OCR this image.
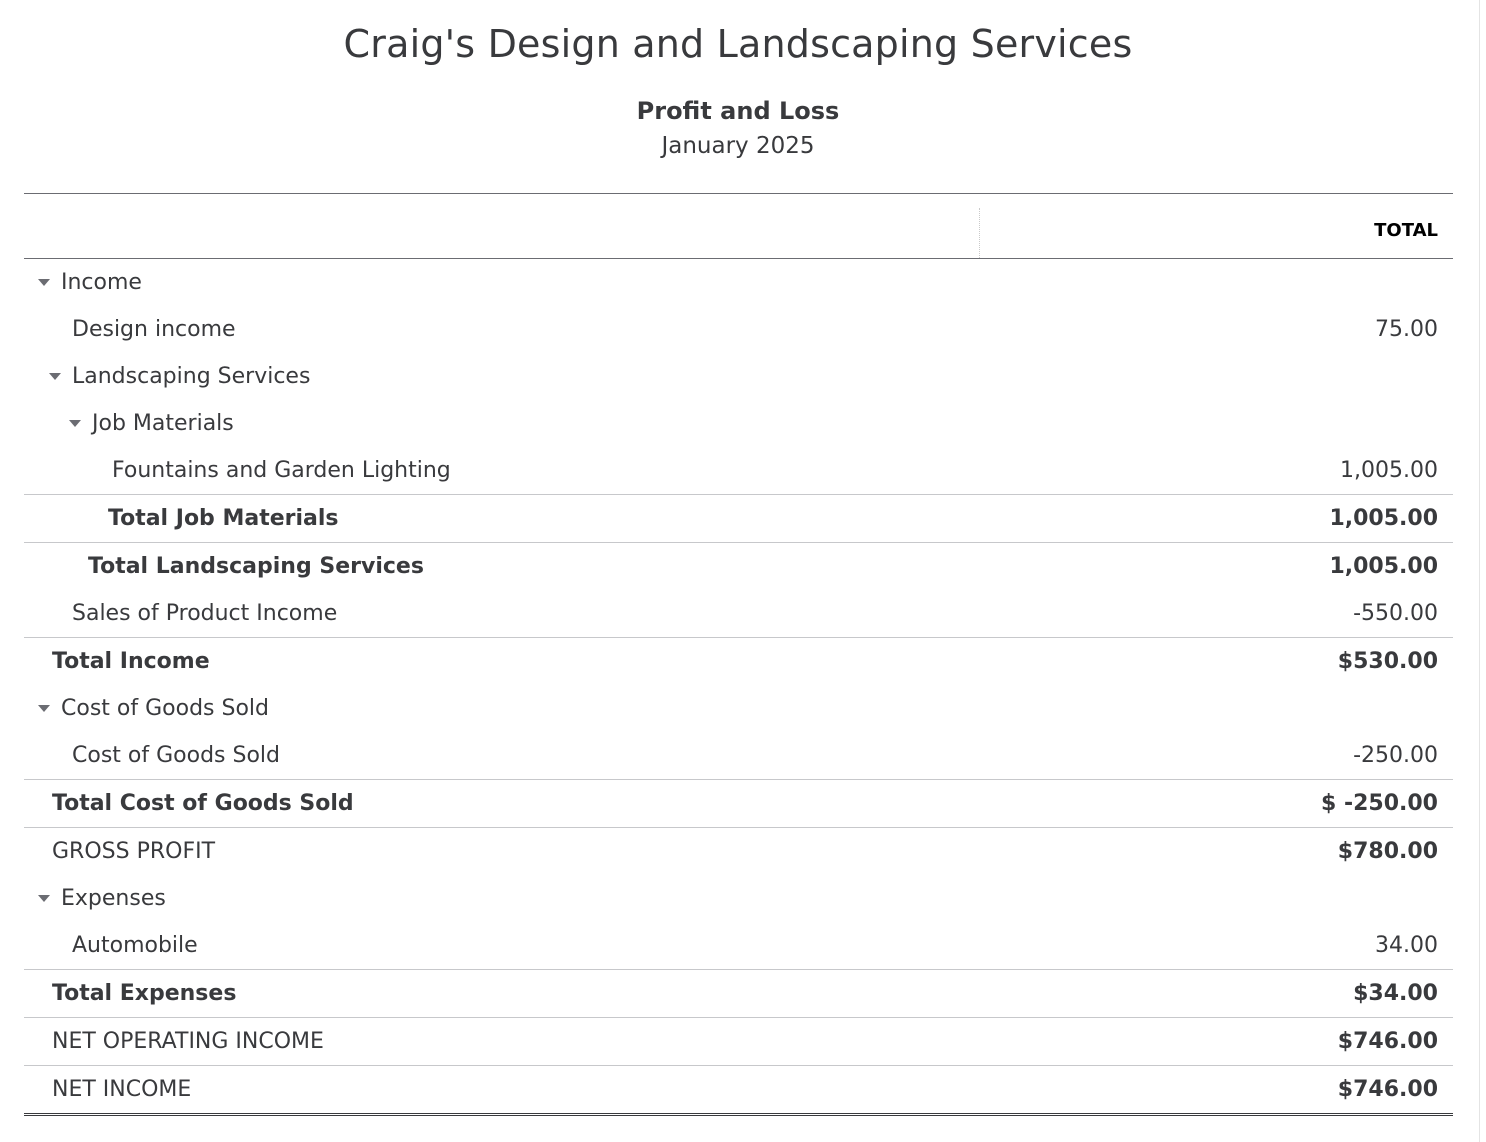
Craig's Design and Landscaping Services
Profit and Loss
January 2025
TOTAL
Income
Design income	75.00
Landscaping Services
Job Materials
Fountains and Garden Lighting	1,005.00
Total Job Materials	1,005.00
Total Landscaping Services	1,005.00
Sales of Product Income	-550.00
Total Income	$530.00
Cost of Goods Sold
Cost of Goods Sold	-250.00
Total Cost of Goods Sold	$ -250.00
GROSS PROFIT	$780.00
Expenses
Automobile	34.00
Total Expenses	$34.00
NET OPERATING INCOME	$746.00
NET INCOME	$746.00
